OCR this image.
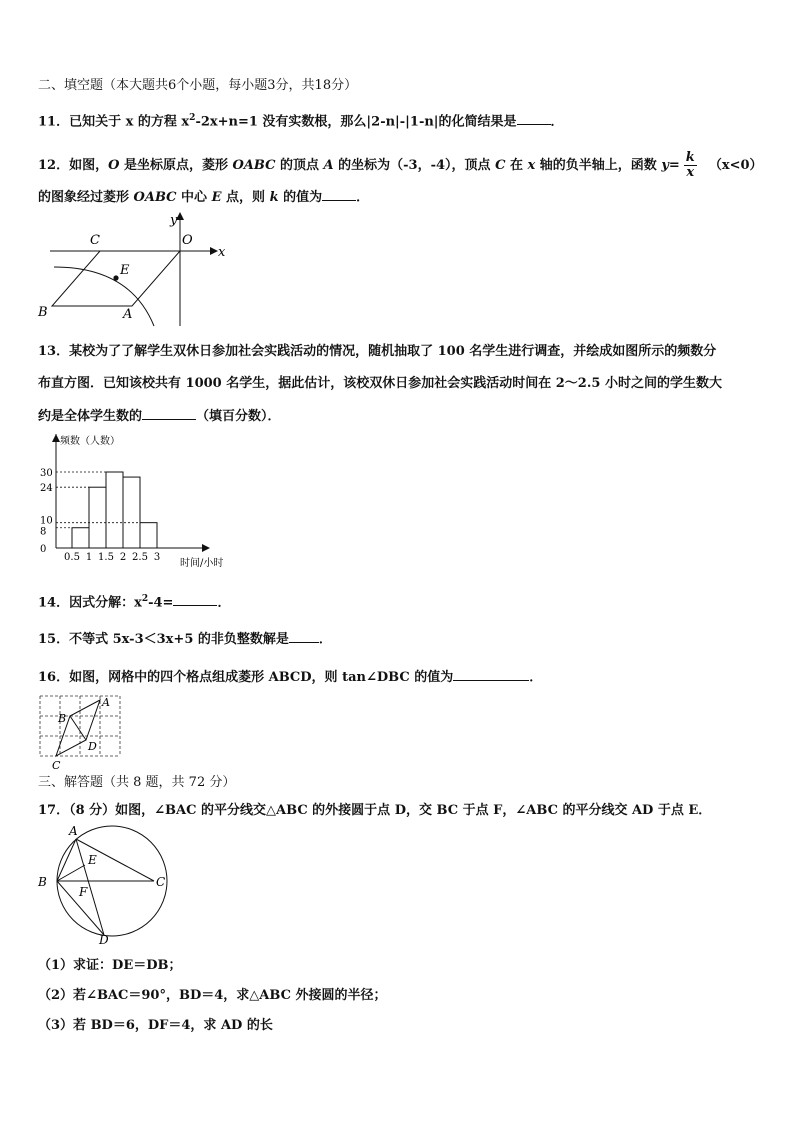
二、填空题（本大题共6个小题，每小题3分，共18分）
11．已知关于 x 的方程 $x^2-2x+n=1$ 没有实数根，那么|2-n|-|1-n|的化简结果是	．
12．如图，O 是坐标原点，菱形 OABC 的顶点 A 的坐标为（-3，-4），顶点 C 在 x 轴的负半轴上，函数 $y= \frac{k}{x} (x<0)$
的图象经过菱形 OABC 中心 E 点，则 k 的值为	．
C	O
y
x
E
B	A
13．某校为了了解学生双休日参加社会实践活动的情况，随机抽取了 100 名学生进行调查，并绘成如图所示的频数分
布直方图．已知该校共有 1000 名学生，据此估计，该校双休日参加社会实践活动时间在 2～2.5 小时之间的学生数大
约是全体学生数的	（填百分数）．
频数（人数）
时间/小时
30
24
10
8
0
0.5 1 1.5 2 2.5 3
14．因式分解：$x^2-4=$	．
15．不等式 5x-3＜3x+5 的非负整数解是 ．
16．如图，网格中的四个格点组成菱形 ABCD，则 tan∠DBC 的值为	．
A
B
C
D
三、解答题（共 8 题，共 72 分）
17．（8 分）如图，∠BAC 的平分线交△ABC 的外接圆于点 D，交 BC 于点 F，∠ABC 的平分线交 AD 于点 E．
A
B	C
D
E
F
（1）求证：DE＝DB；
（2）若∠BAC＝90°，BD＝4，求△ABC 外接圆的半径；
（3）若 BD＝6，DF＝4，求 AD 的长
